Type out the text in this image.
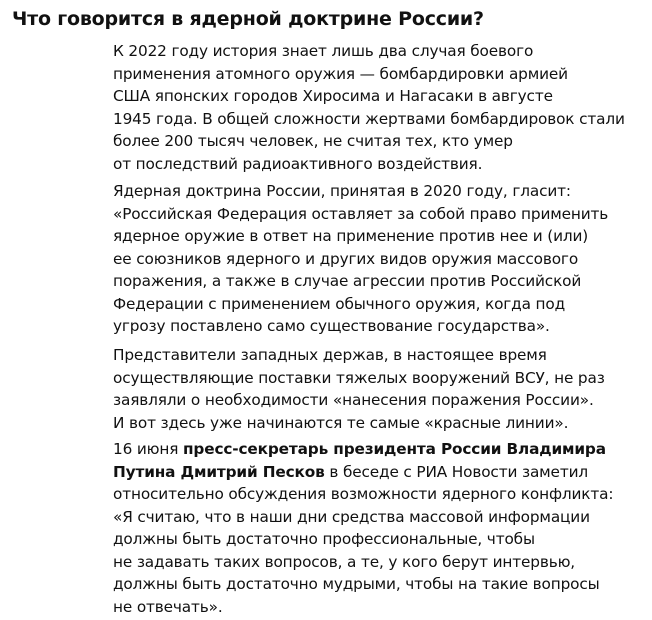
Что говорится в ядерной доктрине России?

К 2022 году история знает лишь два случая боевого
применения атомного оружия — бомбардировки армией
США японских городов Хиросима и Нагасаки в августе
1945 года. В общей сложности жертвами бомбардировок стали
более 200 тысяч человек, не считая тех, кто умер
от последствий радиоактивного воздействия.

Ядерная доктрина России, принятая в 2020 году, гласит:
«Российская Федерация оставляет за собой право применить
ядерное оружие в ответ на применение против нее и (или)
ее союзников ядерного и других видов оружия массового
поражения, а также в случае агрессии против Российской
Федерации с применением обычного оружия, когда под
угрозу поставлено само существование государства».

Представители западных держав, в настоящее время
осуществляющие поставки тяжелых вооружений ВСУ, не раз
заявляли о необходимости «нанесения поражения России».
И вот здесь уже начинаются те самые «красные линии».

16 июня пресс-секретарь президента России Владимира
Путина Дмитрий Песков в беседе с РИА Новости заметил
относительно обсуждения возможности ядерного конфликта:
«Я считаю, что в наши дни средства массовой информации
должны быть достаточно профессиональные, чтобы
не задавать таких вопросов, а те, у кого берут интервью,
должны быть достаточно мудрыми, чтобы на такие вопросы
не отвечать».
